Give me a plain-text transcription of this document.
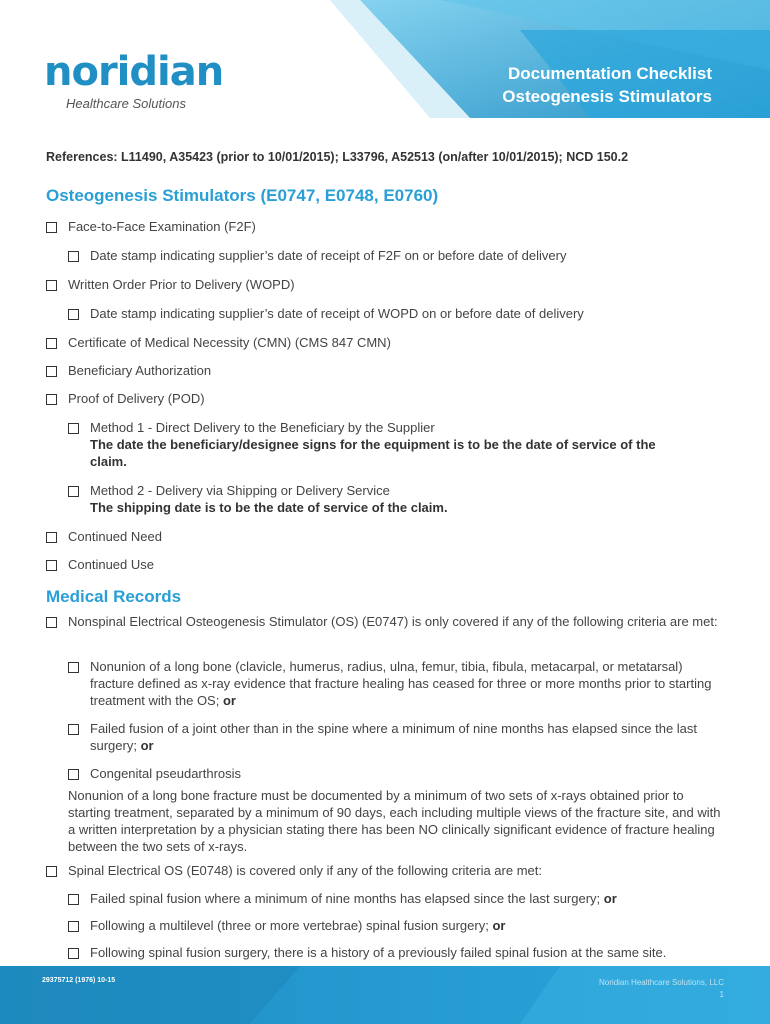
noridian
Healthcare Solutions
Documentation Checklist
Osteogenesis Stimulators
References: L11490, A35423 (prior to 10/01/2015); L33796, A52513 (on/after 10/01/2015); NCD 150.2
Osteogenesis Stimulators (E0747, E0748, E0760)
Face-to-Face Examination (F2F)
Date stamp indicating supplier’s date of receipt of F2F on or before date of delivery
Written Order Prior to Delivery (WOPD)
Date stamp indicating supplier’s date of receipt of WOPD on or before date of delivery
Certificate of Medical Necessity (CMN) (CMS 847 CMN)
Beneficiary Authorization
Proof of Delivery (POD)
Method 1 - Direct Delivery to the Beneficiary by the Supplier
The date the beneficiary/designee signs for the equipment is to be the date of service of the claim.
Method 2 - Delivery via Shipping or Delivery Service
The shipping date is to be the date of service of the claim.
Continued Need
Continued Use
Medical Records
Nonspinal Electrical Osteogenesis Stimulator (OS) (E0747) is only covered if any of the following criteria are met:
Nonunion of a long bone (clavicle, humerus, radius, ulna, femur, tibia, fibula, metacarpal, or metatarsal) fracture defined as x-ray evidence that fracture healing has ceased for three or more months prior to starting treatment with the OS; or
Failed fusion of a joint other than in the spine where a minimum of nine months has elapsed since the last surgery; or
Congenital pseudarthrosis
Nonunion of a long bone fracture must be documented by a minimum of two sets of x-rays obtained prior to starting treatment, separated by a minimum of 90 days, each including multiple views of the fracture site, and with a written interpretation by a physician stating there has been NO clinically significant evidence of fracture healing between the two sets of x-rays.
Spinal Electrical OS (E0748) is covered only if any of the following criteria are met:
Failed spinal fusion where a minimum of nine months has elapsed since the last surgery; or
Following a multilevel (three or more vertebrae) spinal fusion surgery; or
Following spinal fusion surgery, there is a history of a previously failed spinal fusion at the same site.
29375712 (1976) 10-15	Noridian Healthcare Solutions, LLC
1
